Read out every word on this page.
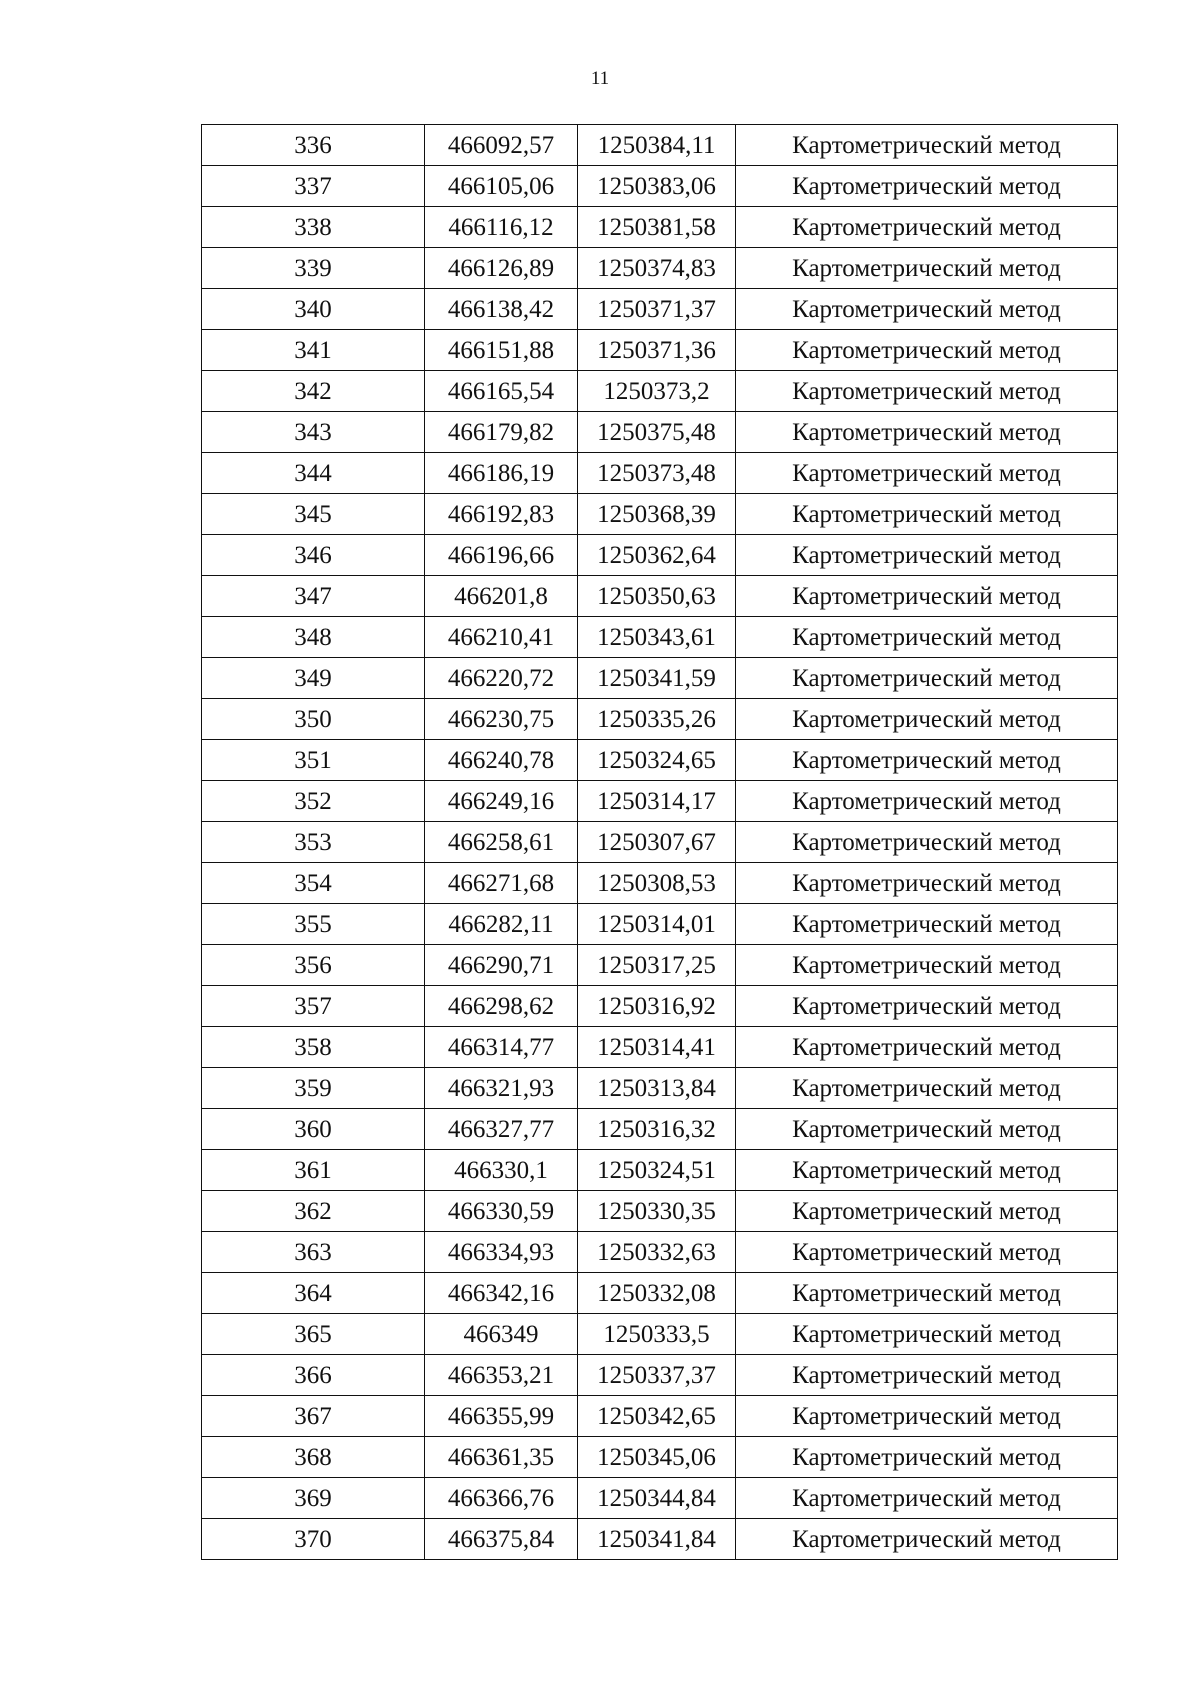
11
336	466092,57	1250384,11	Картометрический метод
337	466105,06	1250383,06	Картометрический метод
338	466116,12	1250381,58	Картометрический метод
339	466126,89	1250374,83	Картометрический метод
340	466138,42	1250371,37	Картометрический метод
341	466151,88	1250371,36	Картометрический метод
342	466165,54	1250373,2	Картометрический метод
343	466179,82	1250375,48	Картометрический метод
344	466186,19	1250373,48	Картометрический метод
345	466192,83	1250368,39	Картометрический метод
346	466196,66	1250362,64	Картометрический метод
347	466201,8	1250350,63	Картометрический метод
348	466210,41	1250343,61	Картометрический метод
349	466220,72	1250341,59	Картометрический метод
350	466230,75	1250335,26	Картометрический метод
351	466240,78	1250324,65	Картометрический метод
352	466249,16	1250314,17	Картометрический метод
353	466258,61	1250307,67	Картометрический метод
354	466271,68	1250308,53	Картометрический метод
355	466282,11	1250314,01	Картометрический метод
356	466290,71	1250317,25	Картометрический метод
357	466298,62	1250316,92	Картометрический метод
358	466314,77	1250314,41	Картометрический метод
359	466321,93	1250313,84	Картометрический метод
360	466327,77	1250316,32	Картометрический метод
361	466330,1	1250324,51	Картометрический метод
362	466330,59	1250330,35	Картометрический метод
363	466334,93	1250332,63	Картометрический метод
364	466342,16	1250332,08	Картометрический метод
365	466349	1250333,5	Картометрический метод
366	466353,21	1250337,37	Картометрический метод
367	466355,99	1250342,65	Картометрический метод
368	466361,35	1250345,06	Картометрический метод
369	466366,76	1250344,84	Картометрический метод
370	466375,84	1250341,84	Картометрический метод
